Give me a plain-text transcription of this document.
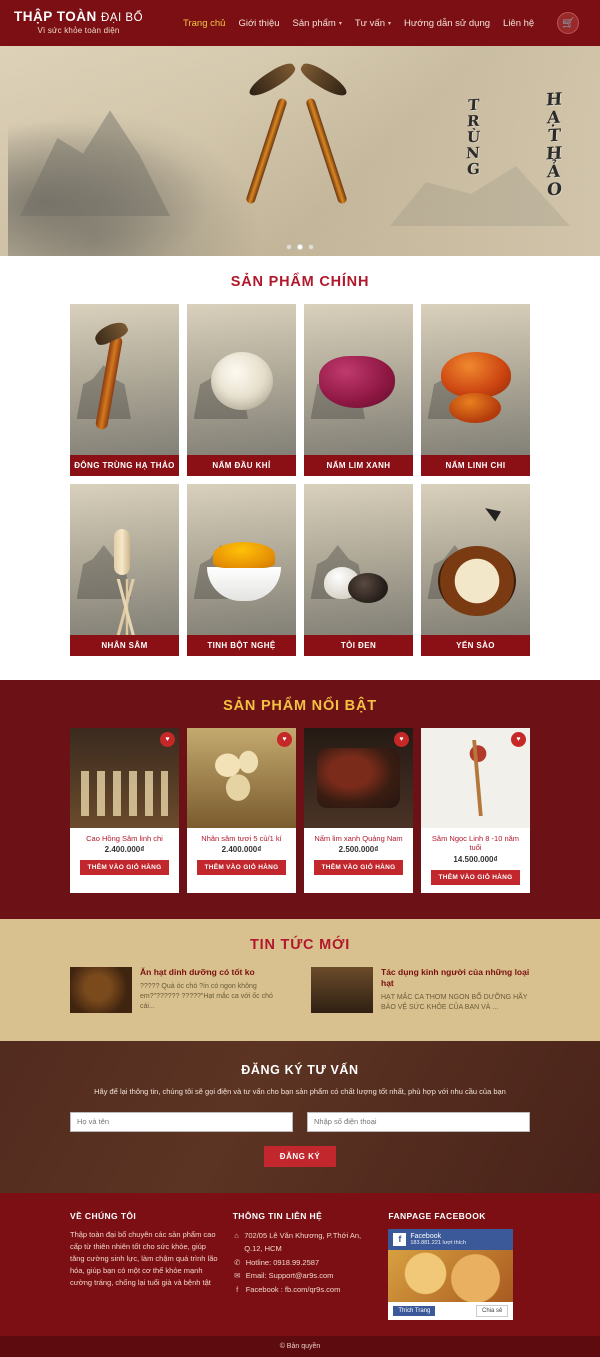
THẬP TOÀN ĐẠI BỔ
Vì sức khỏe toàn diện
Trang chủ Giới thiệu Sản phẩm ▾ Tư vấn ▾ Hướng dẫn sử dụng Liên hệ	🛒
T
R
Ù
N
G
H
Ạ
T
H
Ả
O
SẢN PHẨM CHÍNH
ĐÔNG TRÙNG HẠ THẢO	NẤM ĐẦU KHỈ	NẤM LIM XANH	NẤM LINH CHI
NHÂN SÂM	TINH BỘT NGHỆ	TỎI ĐEN	YẾN SÀO
SẢN PHẨM NỔI BẬT
♥
Cao Hồng Sâm linh chi
2.400.000₫
THÊM VÀO GIỎ HÀNG
♥
Nhân sâm tươi 5 củ/1 kí
2.400.000₫
THÊM VÀO GIỎ HÀNG
♥
Nấm lim xanh Quảng Nam
2.500.000₫
THÊM VÀO GIỎ HÀNG
♥
Sâm Ngọc Linh 8 -10 năm tuổi
14.500.000₫
THÊM VÀO GIỎ HÀNG
TIN TỨC MỚI
Ăn hạt dinh dưỡng có tốt ko
????? Quả óc chó ?ín có ngon không em?"?????? ?????"Hạt mắc ca với ốc chó cái...
Tác dụng kinh người của những loại hạt
HẠT MẮC CA THƠM NGON BỔ DƯỠNG HÃY BẢO VỆ SỨC KHỎE CỦA BẠN VÀ ...
ĐĂNG KÝ TƯ VẤN

Hãy để lại thông tin, chúng tôi sẽ gọi điện và tư vấn cho bạn sản phẩm có chất lượng tốt nhất, phù hợp với nhu cầu của bạn

Họ và tên
Nhập số điện thoại
ĐĂNG KÝ
VỀ CHÚNG TÔI
Thập toàn đại bổ chuyên các sản phẩm cao cấp từ thiên nhiên tốt cho sức khỏe, giúp tăng cường sinh lực, làm chậm quá trình lão hóa, giúp bạn có một cơ thể khỏe mạnh cường tráng, chống lại tuổi già và bệnh tật
THÔNG TIN LIÊN HỆ
⌂ 702/05 Lê Văn Khương, P.Thới An, Q.12, HCM
✆ Hotline: 0918.99.2587
✉ Email: Support@ar9s.com
f Facebook : fb.com/qr9s.com
FANPAGE FACEBOOK
f	Facebook
183.881.221 lượt thích
Thích Trang	Chia sẻ
© Bản quyền
